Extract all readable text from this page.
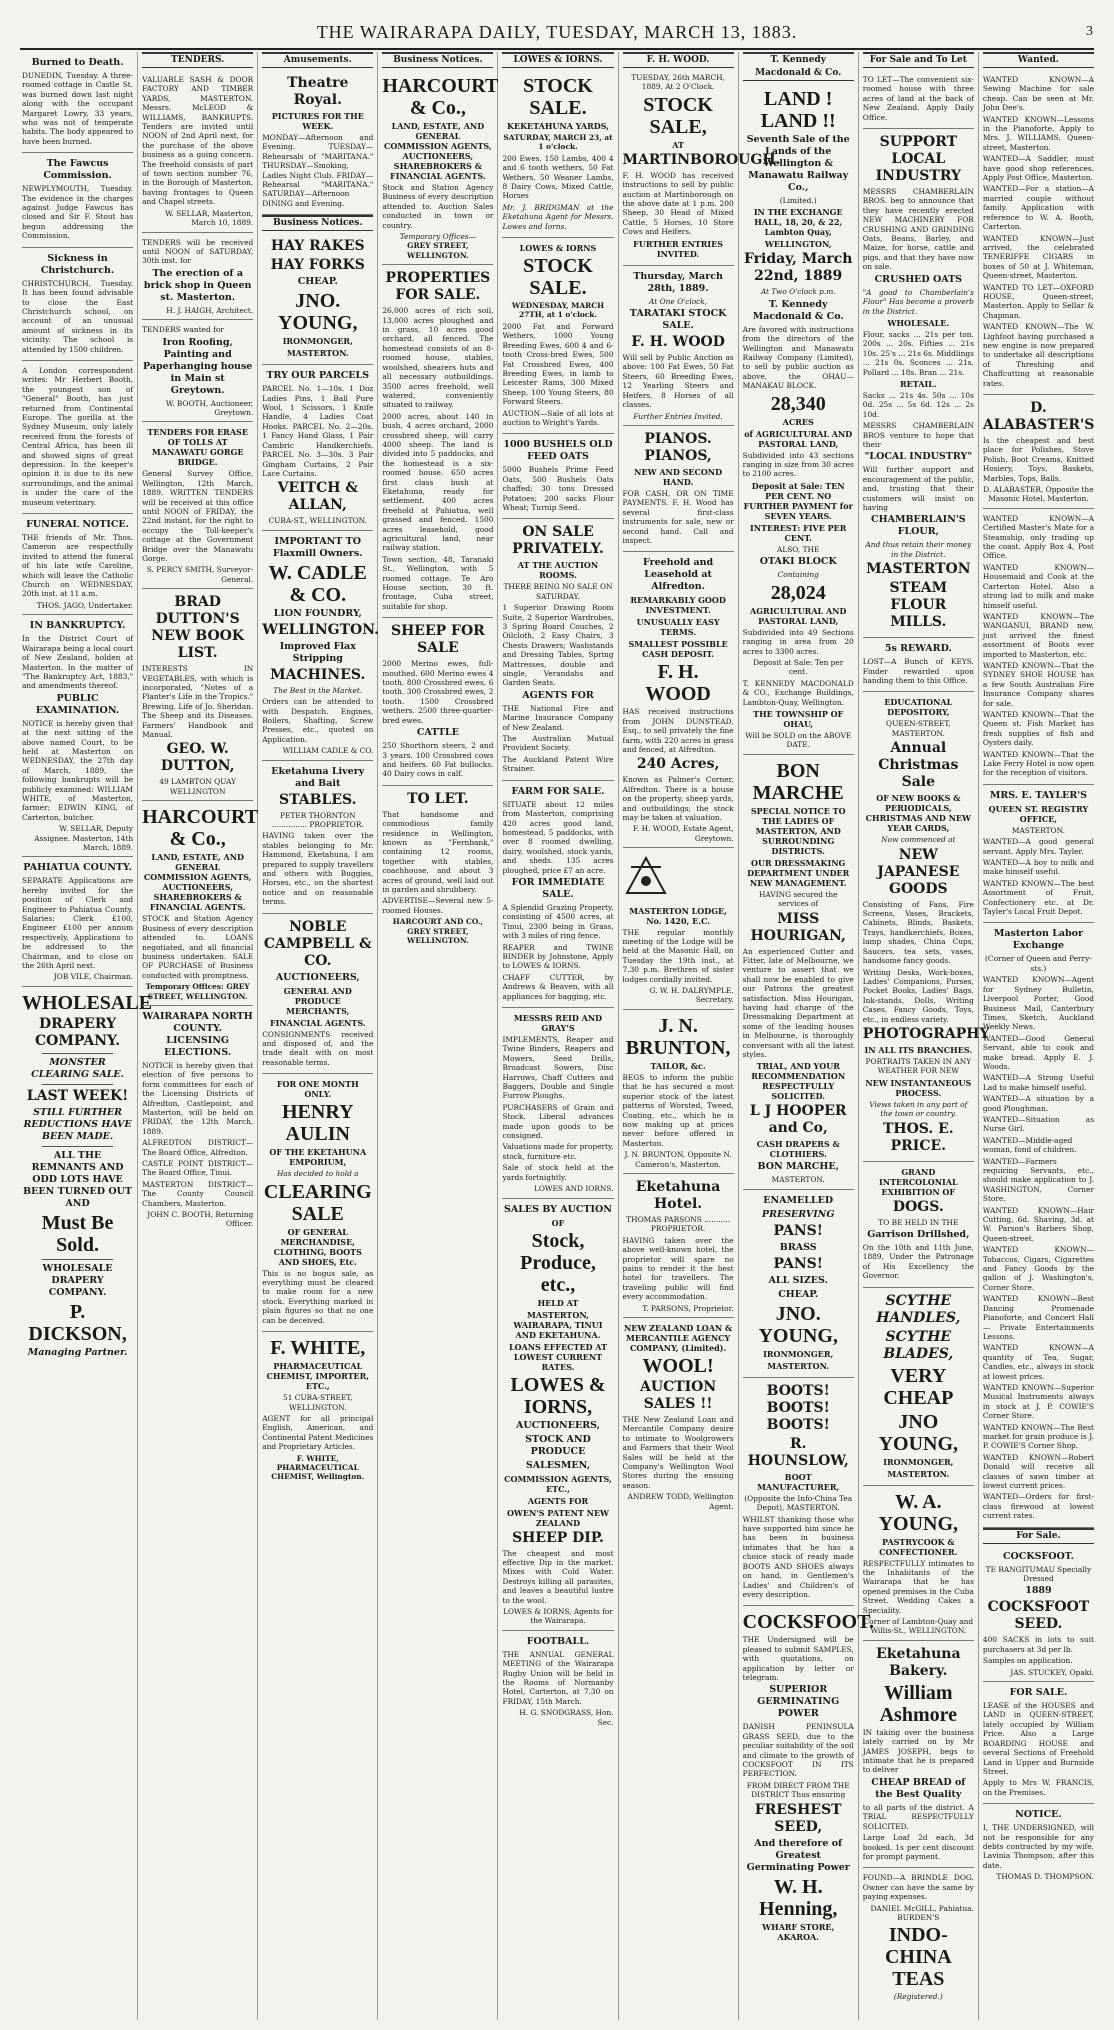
THE WAIRARAPA DAILY, TUESDAY, MARCH 13, 1883.	3
Burned to Death.

DUNEDIN, Tuesday. A three-roomed cottage in Castle St. was burned down last night along with the occupant Margaret Lowry, 33 years, who was not of temperate habits. The body appeared to have been burned.

The Fawcus Commission.

NEWPLYMOUTH, Tuesday. The evidence in the charges against Judge Fawcus has closed and Sir F. Stout has begun addressing the Commission.

Sickness in Christchurch.

CHRISTCHURCH, Tuesday. It has been found advisable to close the East Christchurch school, on account of an unusual amount of sickness in its vicinity. The school is attended by 1500 children.

A London correspondent writes: Mr Herbert Booth, the youngest son of "General" Booth, has just returned from Continental Europe. The gorilla at the Sydney Museum, only lately received from the forests of Central Africa, has been ill and showed signs of great depression. In the keeper's opinion it is due to its new surroundings, and the animal is under the care of the museum veterinary.

FUNERAL NOTICE.

THE friends of Mr. Thos. Cameron are respectfully invited to attend the funeral of his late wife Caroline, which will leave the Catholic Church on WEDNESDAY, 20th inst. at 11 a.m.

THOS. JAGO, Undertaker.
IN BANKRUPTCY.

In the District Court of Wairarapa being a local court of New Zealand, holden at Masterton. In the matter of "The Bankruptcy Act, 1883," and amendments thereof.

PUBLIC EXAMINATION.

NOTICE is hereby given that at the next sitting of the above named Court, to be held at Masterton on WEDNESDAY, the 27th day of March, 1889, the following bankrupts will be publicly examined: WILLIAM WHITE, of Masterton, farmer; EDWIN KING, of Carterton, butcher.

W. SELLAR, Deputy Assignee. Masterton, 14th March, 1889.
PAHIATUA COUNTY.

SEPARATE Applications are hereby invited for the position of Clerk and Engineer to Pahiatua County. Salaries: Clerk £100, Engineer £100 per annum respectively. Applications to be addressed to the Chairman, and to close on the 26th April next.

JOB VILE, Chairman.
WHOLESALE
DRAPERY COMPANY.
MONSTER CLEARING SALE.
LAST WEEK!
STILL FURTHER REDUCTIONS HAVE BEEN MADE.
ALL THE REMNANTS AND ODD LOTS HAVE BEEN TURNED OUT AND
Must Be Sold.
WHOLESALE DRAPERY COMPANY.
P. DICKSON,
Managing Partner.
TENDERS.

VALUABLE SASH & DOOR FACTORY AND TIMBER YARDS, MASTERTON. Messrs. McLEOD & WILLIAMS, BANKRUPTS. Tenders are invited until NOON of 2nd April next, for the purchase of the above business as a going concern. The freehold consists of part of town section number 76, in the Borough of Masterton, having frontages to Queen and Chapel streets.

W. SELLAR, Masterton, March 10, 1889.

TENDERS will be received until NOON of SATURDAY, 30th inst. for

The erection of a brick shop in Queen st. Masterton.
H. J. HAIGH, Architect.

TENDERS wanted for

Iron Roofing, Painting and Paperhanging house in Main st Greytown.
W. BOOTH, Auctioneer, Greytown.
TENDERS FOR ERASE OF TOLLS AT MANAWATU GORGE BRIDGE.

General Survey Office, Wellington, 12th March, 1889. WRITTEN TENDERS will be received at this office until NOON of FRIDAY, the 22nd instant, for the right to occupy the Toll-keeper's cottage at the Government Bridge over the Manawatu Gorge.

S. PERCY SMITH, Surveyor-General.
BRAD DUTTON'S NEW BOOK LIST.

INTERESTS IN VEGETABLES, with which is incorporated, "Notes of a Planter's Life in the Tropics." Brewing. Life of Jo. Sheridan. The Sheep and its Diseases. Farmers' Handbook and Manual.

GEO. W. DUTTON,
49 LAMBTON QUAY WELLINGTON
HARCOURT & Co.,
LAND, ESTATE, AND GENERAL COMMISSION AGENTS, AUCTIONEERS, SHAREBROKERS & FINANCIAL AGENTS.

STOCK and Station Agency Business of every description attended to. LOANS negotiated, and all financial business undertaken. SALE OF PURCHASE of Business conducted with promptness.

Temporary Offices: GREY STREET, WELLINGTON.
WAIRARAPA NORTH COUNTY. LICENSING ELECTIONS.

NOTICE is hereby given that election of five persons to form committees for each of the Licensing Districts of Alfredton, Castlepoint, and Masterton, will be held on FRIDAY, the 12th March, 1889.

ALFREDTON DISTRICT—The Board Office, Alfredton.

CASTLE POINT DISTRICT—The Board Office, Tinui.

MASTERTON DISTRICT—The County Council Chambers, Masterton.

JOHN C. BOOTH, Returning Officer.
Amusements.
Theatre Royal.
PICTURES FOR THE WEEK.

MONDAY—Afternoon and Evening. TUESDAY—Rehearsals of "MARITANA." THURSDAY—Smoking, Ladies Night Club. FRIDAY—Rehearsal "MARITANA." SATURDAY—Afternoon DINING and Evening.

Business Notices.
HAY RAKES
HAY FORKS
CHEAP.
JNO. YOUNG,
IRONMONGER,
MASTERTON.
TRY OUR PARCELS

PARCEL No. 1—10s. 1 Doz Ladies Pins, 1 Ball Pure Wool, 1 Scissors, 1 Knife Handle, 4 Ladies Coat Hooks. PARCEL No. 2—20s. 1 Fancy Hand Glass, 1 Pair Cambric Handkerchiefs. PARCEL No. 3—30s. 3 Pair Gingham Curtains, 2 Pair Lace Curtains.

VEITCH & ALLAN,
CUBA-ST., WELLINGTON.
IMPORTANT TO Flaxmill Owners.
W. CADLE & CO.
LION FOUNDRY,
WELLINGTON.
Improved Flax Stripping
MACHINES.
The Best in the Market.

Orders can be attended to with Despatch. Engines, Boilers, Shafting, Screw Presses, etc., quoted on Application.

WILLIAM CADLE & CO.
Eketahuna Livery and Bait
STABLES.
PETER THORNTON ............... PROPRIETOR.

HAVING taken over the stables belonging to Mr. Hammond, Eketahuna, I am prepared to supply travellers and others with Buggies, Horses, etc., on the shortest notice and on reasonable terms.

NOBLE CAMPBELL & CO.
AUCTIONEERS,
GENERAL AND PRODUCE MERCHANTS,
FINANCIAL AGENTS.

CONSIGNMENTS received and disposed of, and the trade dealt with on most reasonable terms.

FOR ONE MONTH ONLY.
HENRY AULIN
OF THE EKETAHUNA EMPORIUM,
Has decided to hold a
CLEARING SALE
OF GENERAL MERCHANDISE, CLOTHING, BOOTS AND SHOES, Etc.

This is no bogus sale, as everything must be cleared to make room for a new stock. Everything marked in plain figures so that no one can be deceived.

F. WHITE,
PHARMACEUTICAL CHEMIST, IMPORTER, ETC.,
51 CUBA-STREET, WELLINGTON.

AGENT for all principal English, American, and Continental Patent Medicines and Proprietary Articles.

F. WHITE, PHARMACEUTICAL CHEMIST, Wellington.
Business Notices.
HARCOURT & Co.,
LAND, ESTATE, AND GENERAL COMMISSION AGENTS, AUCTIONEERS, SHAREBROKERS & FINANCIAL AGENTS.

Stock and Station Agency Business of every description attended to. Auction Sales conducted in town or country.

Temporary Offices—
GREY STREET, WELLINGTON.
PROPERTIES FOR SALE.

26,000 acres of rich soil, 13,000 acres ploughed and in grass, 10 acres good orchard, all fenced. The homestead consists of an 8-roomed house, stables, woolshed, shearers huts and all necessary outbuildings. 3500 acres freehold, well watered, conveniently situated to railway.

2000 acres, about 140 in bush, 4 acres orchard, 2000 crossbred sheep, will carry 4000 sheep. The land is divided into 5 paddocks, and the homestead is a six-roomed house. 650 acres first class bush at Eketahuna, ready for settlement. 400 acres freehold at Pahiatua, well grassed and fenced. 1500 acres leasehold, good agricultural land, near railway station.

Town section, 48, Taranaki St., Wellington, with 5 roomed cottage. Te Aro House section, 30 ft. frontage, Cuba street, suitable for shop.

SHEEP FOR SALE

2000 Merino ewes, full-mouthed. 600 Merino ewes 4 tooth. 800 Crossbred ewes, 6 tooth. 300 Crossbred ewes, 2 tooth. 1500 Crossbred wethers. 2500 three-quarter-bred ewes.

CATTLE

250 Shorthorn steers, 2 and 3 years. 100 Crossbred cows and heifers. 60 Fat bullocks. 40 Dairy cows in calf.

TO LET.

That handsome and commodious family residence in Wellington, known as "Fernbank," containing 12 rooms, together with stables, coachhouse, and about 3 acres of ground, well laid out in garden and shrubbery.

ADVERTISE—Several new 5-roomed Houses.

HARCOURT AND CO., GREY STREET, WELLINGTON.
LOWES & IORNS.
STOCK SALE.
KEKETAHUNA YARDS,
SATURDAY, MARCH 23, at 1 o'clock.

200 Ewes, 150 Lambs, 400 4 and 6 tooth wethers, 50 Fat Wethers, 50 Weaner Lambs, 8 Dairy Cows, Mixed Cattle, Horses

Mr. J. BRIDGMAN at the Eketahuna Agent for Messrs. Lowes and Iorns.

LOWES & IORNS
STOCK SALE.
WEDNESDAY, MARCH 27TH, at 1 o'clock.

2000 Fat and Forward Wethers, 1000 Young Breeding Ewes, 600 4 and 6-tooth Cross-bred Ewes, 500 Fat Crossbred Ewes, 400 Breeding Ewes, in lamb to Leicester Rams, 300 Mixed Sheep, 100 Young Steers, 80 Forward Steers.

AUCTION—Sale of all lots at auction to Wright's Yards.

1000 BUSHELS OLD FEED OATS

5000 Bushels Prime Feed Oats, 500 Bushels Oats chaffed; 30 tons Dressed Potatoes; 200 sacks Flour Wheat; Turnip Seed.

ON SALE PRIVATELY.
AT THE AUCTION ROOMS.
THERE BEING NO SALE ON SATURDAY.

1 Superior Drawing Room Suite, 2 Superior Wardrobes, 3 Spring Board Couches, 2 Oilcloth, 2 Easy Chairs, 3 Chests Drawers; Washstands and Dressing Tables, Spring Mattresses, double and single, Verandahs and Garden Seats.

AGENTS FOR

THE National Fire and Marine Insurance Company of New Zealand.

The Australian Mutual Provident Society.

The Auckland Patent Wire Strainer.

FARM FOR SALE.

SITUATE about 12 miles from Masterton, comprising 420 acres good land, homestead, 5 paddocks, with over 8 roomed dwelling, dairy, woolshed, stock yards, and sheds. 135 acres ploughed, price £7 an acre.

FOR IMMEDIATE SALE.

A Splendid Grazing Property, consisting of 4500 acres, at Tinui, 2300 being in Grass, with 3 miles of ring fence.

REAPER and TWINE BINDER by Johnstone, Apply to LOWES & IORNS.

CHAFF CUTTER, by Andrews & Beaven, with all appliances for bagging, etc.

MESSRS REID AND GRAY'S

IMPLEMENTS, Reaper and Twine Binders, Reapers and Mowers, Seed Drills, Broadcast Sowers, Disc Harrows, Chaff Cutters and Baggers, Double and Single Furrow Ploughs.

PURCHASERS of Grain and Stock. Liberal advances made upon goods to be consigned.

Valuations made for property, stock, furniture etc.

Sale of stock held at the yards fortnightly.

LOWES AND IORNS.
SALES BY AUCTION
OF
Stock, Produce, etc.,
HELD AT
MASTERTON, WAIRARAPA, TINUI AND EKETAHUNA.
LOANS EFFECTED AT LOWEST CURRENT RATES.
LOWES & IORNS,
AUCTIONEERS,
STOCK AND PRODUCE
SALESMEN,
COMMISSION AGENTS, ETC.,
AGENTS FOR
OWEN'S PATENT NEW ZEALAND
SHEEP DIP.

The cheapest and most effective Dip in the market. Mixes with Cold Water. Destroys killing all parasites, and leaves a beautiful lustre to the wool.

LOWES & IORNS, Agents for the Wairarapa.
FOOTBALL.

THE ANNUAL GENERAL MEETING of the Wairarapa Rugby Union will be held in the Rooms of Normanby Hotel, Carterton, at 7.30 on FRIDAY, 15th March.

H. G. SNODGRASS, Hon. Sec.
F. H. WOOD.
TUESDAY, 26th MARCH, 1889, At 2 O'Clock.
STOCK SALE,
AT
MARTINBOROUGH.

F. H. WOOD has received instructions to sell by public auction at Martinborough on the above date at 1 p.m. 200 Sheep, 30 Head of Mixed Cattle, 5 Horses, 10 Store Cows and Heifers.

FURTHER ENTRIES INVITED.
Thursday, March 28th, 1889.
At One O'clock,
TARATAKI STOCK SALE.
F. H. WOOD

Will sell by Public Auction as above: 100 Fat Ewes, 50 Fat Steers, 60 Breeding Ewes, 12 Yearling Steers and Heifers, 8 Horses of all classes.

Further Entries Invited.
PIANOS. PIANOS,
NEW AND SECOND HAND.

FOR CASH, OR ON TIME PAYMENTS. F. H. Wood has several first-class instruments for sale, new or second hand. Call and inspect.

Freehold and Leasehold at Alfredton.
REMARKABLY GOOD INVESTMENT.
UNUSUALLY EASY TERMS.
SMALLEST POSSIBLE CASH DEPOSIT.
F. H. WOOD

HAS received instructions from JOHN DUNSTEAD, Esq., to sell privately the fine farm, with 220 acres in grass and fenced, at Alfredton.

240 Acres,

Known as Palmer's Corner, Alfredton. There is a house on the property, sheep yards, and outbuildings; the stock may be taken at valuation.

F. H. WOOD, Estate Agent, Greytown.
MASTERTON LODGE, No. 1420, E.C.

THE regular monthly meeting of the Lodge will be held at the Masonic Hall, on Tuesday the 19th inst., at 7.30 p.m. Brethren of sister lodges cordially invited.

G. W. H. DALRYMPLE, Secretary.
J. N. BRUNTON,
TAILOR, &c.

BEGS to inform the public that he has secured a most superior stock of the latest patterns of Worsted, Tweed, Coating, etc., which he is now making up at prices never before offered in Masterton.

J. N. BRUNTON, Opposite N. Cameron's, Masterton.
Eketahuna Hotel.
THOMAS PARSONS ........... PROPRIETOR.

HAVING taken over the above well-known hotel, the proprietor will spare no pains to render it the best hotel for travellers. The traveling public will find every accommodation.

T. PARSONS, Proprietor.
NEW ZEALAND LOAN & MERCANTILE AGENCY COMPANY, (Limited).
WOOL!
AUCTION SALES !!

THE New Zealand Loan and Mercantile Company desire to intimate to Woolgrowers and Farmers that their Wool Sales will be held at the Company's Wellington Wool Stores during the ensuing season.

ANDREW TODD, Wellington Agent.
T. Kennedy Macdonald & Co.
LAND ! LAND !!
Seventh Sale of the Lands of the Wellington & Manawatu Railway Co.,
(Limited.)
IN THE EXCHANGE HALL, 18, 20, & 22, Lambton Quay,
WELLINGTON,
Friday, March 22nd, 1889
At Two O'clock p.m.
T. Kennedy Macdonald & Co.

Are favored with instructions from the directors of the Wellington and Manawatu Railway Company (Limited), to sell by public auction as above, the OHAU—MANAKAU BLOCK.

28,340
ACRES
of AGRICULTURAL AND PASTORAL LAND,

Subdivided into 43 sections ranging in size from 30 acres to 2100 acres.

Deposit at Sale: TEN PER CENT. NO FURTHER PAYMENT for SEVEN YEARS.
INTEREST: FIVE PER CENT.
ALSO, THE
OTAKI BLOCK
Containing
28,024
AGRICULTURAL AND PASTORAL LAND,

Subdivided into 49 Sections ranging in area from 20 acres to 3300 acres.

Deposit at Sale: Ten per cent.

T. KENNEDY MACDONALD & CO., Exchange Buildings, Lambton-Quay, Wellington.

THE TOWNSHIP OF OHAU,
Will be SOLD on the ABOVE DATE.
BON MARCHE
SPECIAL NOTICE TO THE LADIES OF MASTERTON, AND SURROUNDING DISTRICTS.
OUR DRESSMAKING DEPARTMENT UNDER NEW MANAGEMENT.
HAVING secured the services of
MISS HOURIGAN,

An experienced Cutter and Fitter, late of Melbourne, we venture to assert that we shall now be enabled to give our Patrons the greatest satisfaction. Miss Hourigan, having had charge of the Dressmaking Department at some of the leading houses in Melbourne, is thoroughly conversant with all the latest styles.

TRIAL, AND YOUR RECOMMENDATION RESPECTFULLY SOLICITED.
L J HOOPER and Co,
CASH DRAPERS & CLOTHIERS.
BON MARCHE,
MASTERTON.
ENAMELLED
PRESERVING
PANS!
BRASS
PANS!
ALL SIZES.
CHEAP.
JNO. YOUNG,
IRONMONGER,
MASTERTON.
BOOTS! BOOTS! BOOTS!
R. HOUNSLOW,
BOOT MANUFACTURER,
(Opposite the Info-China Tea Depot), MASTERTON.

WHILST thanking those who have supported him since he has been in business intimates that he has a choice stock of ready made BOOTS AND SHOES always on hand, in Gentlemen's Ladies' and Children's of every description.

COCKSFOOT.

THE Undersigned will be pleased to submit SAMPLES, with quotations, on application by letter or telegram.

SUPERIOR GERMINATING POWER

DANISH PENINSULA GRASS SEED, due to the peculiar suitability of the soil and climate to the growth of COCKSFOOT IN ITS PERFECTION.

FROM DIRECT FROM THE DISTRICT Thus ensuring
FRESHEST SEED,
And therefore of Greatest Germinating Power
W. H. Henning,
WHARF STORE, AKAROA.
For Sale and To Let

TO LET—The convenient six-roomed house with three acres of land at the back of New Zealand. Apply Daily Office.

SUPPORT LOCAL INDUSTRY

MESSRS CHAMBERLAIN BROS. beg to announce that they have recently erected NEW MACHINERY FOR CRUSHING AND GRINDING Oats, Beans, Barley, and Maize, for horse, cattle and pigs, and that they have now on sale.

CRUSHED OATS

"A good to Chamberlain's Flour" Has become a proverb in the District.

WHOLESALE.

Flour, sacks ... 21s per ton. 200s ... 20s. Fifties ... 21s 10s. 25's ... 21s 6s. Middlings ... 21s 0s. Sconces ... 21s. Pollard ... 18s. Bran ... 21s.

RETAIL.

Sacks ... 21s 4s. 50s ... 10s 0d. 25s ... 5s 6d. 12s ... 2s 10d.

MESSRS CHAMBERLAIN BROS venture to hope that their

"LOCAL INDUSTRY"

Will further support and encouragement of the public, and, trusting that their customers will insist on having

CHAMBERLAIN'S FLOUR,
And thus retain their money in the District.
MASTERTON
STEAM FLOUR MILLS.
5s REWARD.

LOST—A Bunch of KEYS. Finder rewarded upon handing them to this Office.

EDUCATIONAL DEPOSITORY,
QUEEN-STREET, MASTERTON.
Annual Christmas Sale
OF NEW BOOKS & PERIODICALS, CHRISTMAS AND NEW YEAR CARDS,
Now commenced at
NEW JAPANESE GOODS

Consisting of Fans, Fire Screens, Vases, Brackets, Cabinets, Blinds, Baskets, Trays, handkerchiefs, Boxes, lamp shades, China Cups, Saucers, tea sets, vases, handsome fancy goods.

Writing Desks, Work-boxes, Ladies' Companions, Purses, Pocket Books, Ladies' Bags, Ink-stands, Dolls, Writing Cases, Fancy Goods, Toys, etc., in endless variety.

PHOTOGRAPHY
IN ALL ITS BRANCHES.
PORTRAITS TAKEN IN ANY WEATHER FOR NEW
NEW INSTANTANEOUS PROCESS.
Views taken in any part of the town or country.
THOS. E. PRICE.
GRAND INTERCOLONIAL EXHIBITION OF
DOGS.
TO BE HELD IN THE
Garrison Drillshed,

On the 10th and 11th June, 1889, Under the Patronage of His Excellency the Governor.

SCYTHE HANDLES,
SCYTHE BLADES,
VERY CHEAP
JNO YOUNG,
IRONMONGER,
MASTERTON.
W. A. YOUNG,
PASTRYCOOK & CONFECTIONER.

RESPECTFULLY intimates to the Inhabitants of the Wairarapa that he has opened premises in the Cuba Street. Wedding Cakes a Speciality.

Corner of Lambton-Quay and Willis-St., WELLINGTON.
Eketahuna Bakery.
William Ashmore

IN taking over the business lately carried on by Mr JAMES JOSEPH, begs to intimate that he is prepared to deliver

CHEAP BREAD of the Best Quality

to all parts of the district. A TRIAL RESPECTFULLY SOLICITED.

Large Loaf 2d each, 3d booked. 1s per cent discount for prompt payment.

FOUND—A BRINDLE DOG. Owner can have the same by paying expenses.

DANIEL McGILL, Pahiatua.
BURDEN'S
INDO-CHINA TEAS
(Registered.)
Wanted.

WANTED KNOWN—A Sewing Machine for sale cheap. Can be seen at Mr. John Dee's.

WANTED KNOWN—Lessons in the Pianoforte. Apply to Mrs. J. WILLIAMS, Queen-street, Masterton.

WANTED—A Saddler, must have good shop references. Apply Post Office, Masterton.

WANTED—For a station—A married couple without family. Application with reference to W. A. Booth, Carterton.

WANTED KNOWN—Just arrived, the celebrated TENERIFFE CIGARS in boxes of 50 at J. Whiteman, Queen-street, Masterton.

WANTED TO LET—OXFORD HOUSE, Queen-street, Masterton. Apply to Sellar & Chapman.

WANTED KNOWN—The W. Lighfoot having purchased a new engine is now prepared to undertake all descriptions of Threshing and Chaffcutting at reasonable rates.

D. ALABASTER'S

Is the cheapest and best place for Polishes, Stove Polish, Boot Creams, Knitted Hosiery, Toys, Baskets, Marbles, Tops, Balls.

D. ALABASTER, Opposite the Masonic Hotel, Masterton.

WANTED KNOWN—A Certified Master's Mate for a Steamship, only trading up the coast. Apply Box 4, Post Office.

WANTED KNOWN—Housemaid and Cook at the Carterton Hotel. Also a strong lad to milk and make himself useful.

WANTED KNOWN—The WANGANUI, BRAND new, just arrived the finest assortment of Boots ever imported to Masterton, etc.

WANTED KNOWN—That the SYDNEY SHOE HOUSE has a few South Australian Fire Insurance Company shares for sale.

WANTED KNOWN—That the Queen st. Fish Market has fresh supplies of fish and Oysters daily.

WANTED KNOWN—That the Lake Ferry Hotel is now open for the reception of visitors.

MRS. E. TAYLER'S
QUEEN ST. REGISTRY OFFICE,
MASTERTON.

WANTED—A good general servant. Apply Mrs. Tayler.

WANTED—A boy to milk and make himself useful.

WANTED KNOWN—The best Assortment of Fruit, Confectionery etc. at Dr. Tayler's Local Fruit Depot.

Masterton Labor Exchange
(Corner of Queen and Perry-sts.)

WANTED KNOWN—Agent for Sydney Bulletin, Liverpool Porter, Good Business Mail, Canterbury Times, Sketch, Auckland Weekly News.

WANTED—Good General Servant, able to cook and make bread. Apply E. J. Woods.

WANTED—A Strong Useful Lad to make himself useful.

WANTED—A situation by a good Ploughman.

WANTED—Situation as Nurse Girl.

WANTED—Middle-aged woman, fond of children.

WANTED—Farmers requiring Servants, etc., should make application to J. WASHINGTON, Corner Store.

WANTED KNOWN—Hair Cutting, 6d. Shaving, 3d. at W. Parson's Barbers Shop, Queen-street.

WANTED KNOWN—Tobaccos, Cigars, Cigarettes and Fancy Goods by the gallon of J. Washington's, Corner Store.

WANTED KNOWN—Best Dancing Promenade Pianoforte, and Concert Hall — Private Entertainments Lessons.

WANTED KNOWN—A quantity of Tea, Sugar, Candles, etc., always in stock at lowest prices.

WANTED KNOWN—Superior Musical Instruments always in stock at J. P. COWIE'S Corner Store.

WANTED KNOWN—The Best market for grain produce is J. P. COWIE'S Corner Shop.

WANTED KNOWN—Robert Donald will receive all classes of sawn timber at lowest current prices.

WANTED—Orders for first-class firewood at lowest current rates.

For Sale.
COCKSFOOT.
TE RANGITUMAU Specially Dressed
1889
COCKSFOOT SEED.

400 SACKS in lots to suit purchasers at 3d per lb.

Samples on application.

JAS. STUCKEY, Opaki.
FOR SALE.

LEASE of the HOUSES and LAND in QUEEN-STREET, lately occupied by William Price. Also a Large BOARDING HOUSE and several Sections of Freehold Land in Upper and Burnside Street.

Apply to Mrs W. FRANCIS, on the Premises.

NOTICE.

I, THE UNDERSIGNED, will not be responsible for any debts contracted by my wife, Lavinia Thompson, after this date.

THOMAS D. THOMPSON.
